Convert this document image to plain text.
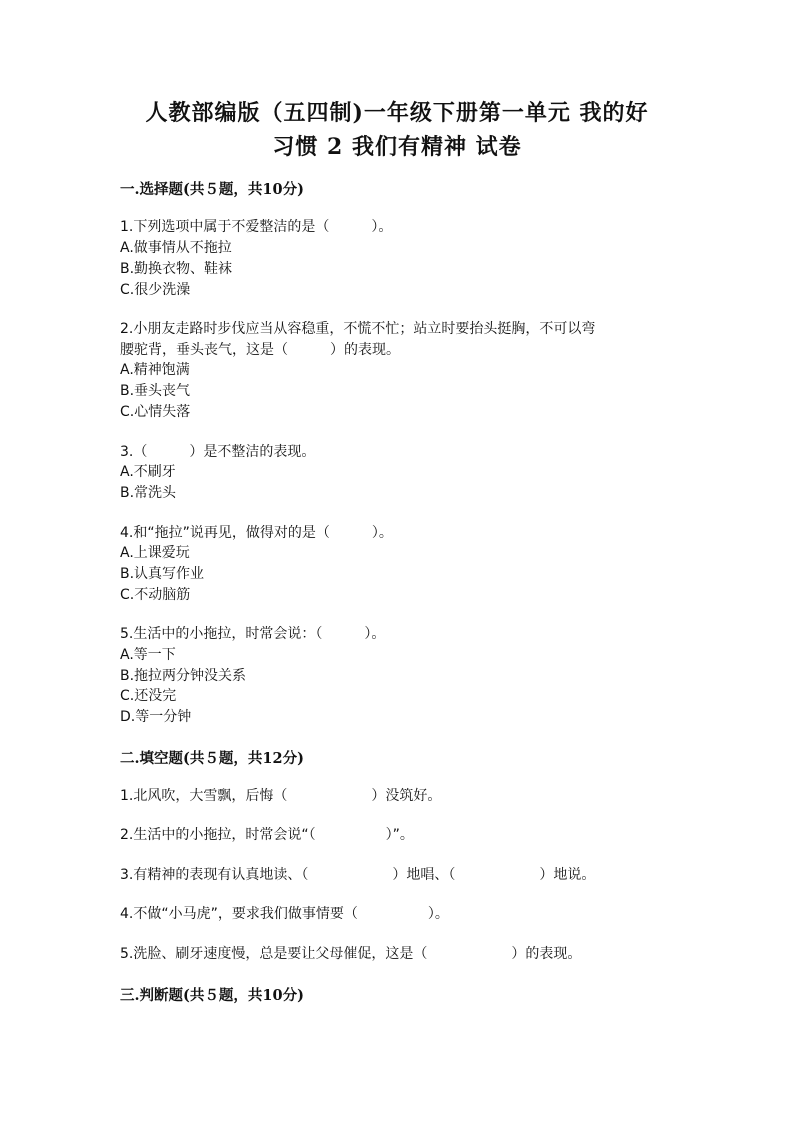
人教部编版（五四制)一年级下册第一单元 我的好
习惯 2 我们有精神 试卷
一.选择题(共５题，共10分)
1.下列选项中属于不爱整洁的是（　　　）。
A.做事情从不拖拉
B.勤换衣物、鞋袜
C.很少洗澡
2.小朋友走路时步伐应当从容稳重，不慌不忙；站立时要抬头挺胸，不可以弯
腰驼背，垂头丧气，这是（　　　）的表现。
A.精神饱满
B.垂头丧气
C.心情失落
3.（　　　）是不整洁的表现。
A.不刷牙
B.常洗头
4.和“拖拉”说再见，做得对的是（　　　）。
A.上课爱玩
B.认真写作业
C.不动脑筋
5.生活中的小拖拉，时常会说：（　　　）。
A.等一下
B.拖拉两分钟没关系
C.还没完
D.等一分钟
二.填空题(共５题，共12分)
1.北风吹，大雪飘，后悔（　　　　　　）没筑好。
2.生活中的小拖拉，时常会说“（　　　　　）”。
3.有精神的表现有认真地读、（　　　　　　）地唱、（　　　　　　）地说。
4.不做“小马虎”，要求我们做事情要（　　　　　）。
5.洗脸、刷牙速度慢，总是要让父母催促，这是（　　　　　　）的表现。
三.判断题(共５题，共10分)
